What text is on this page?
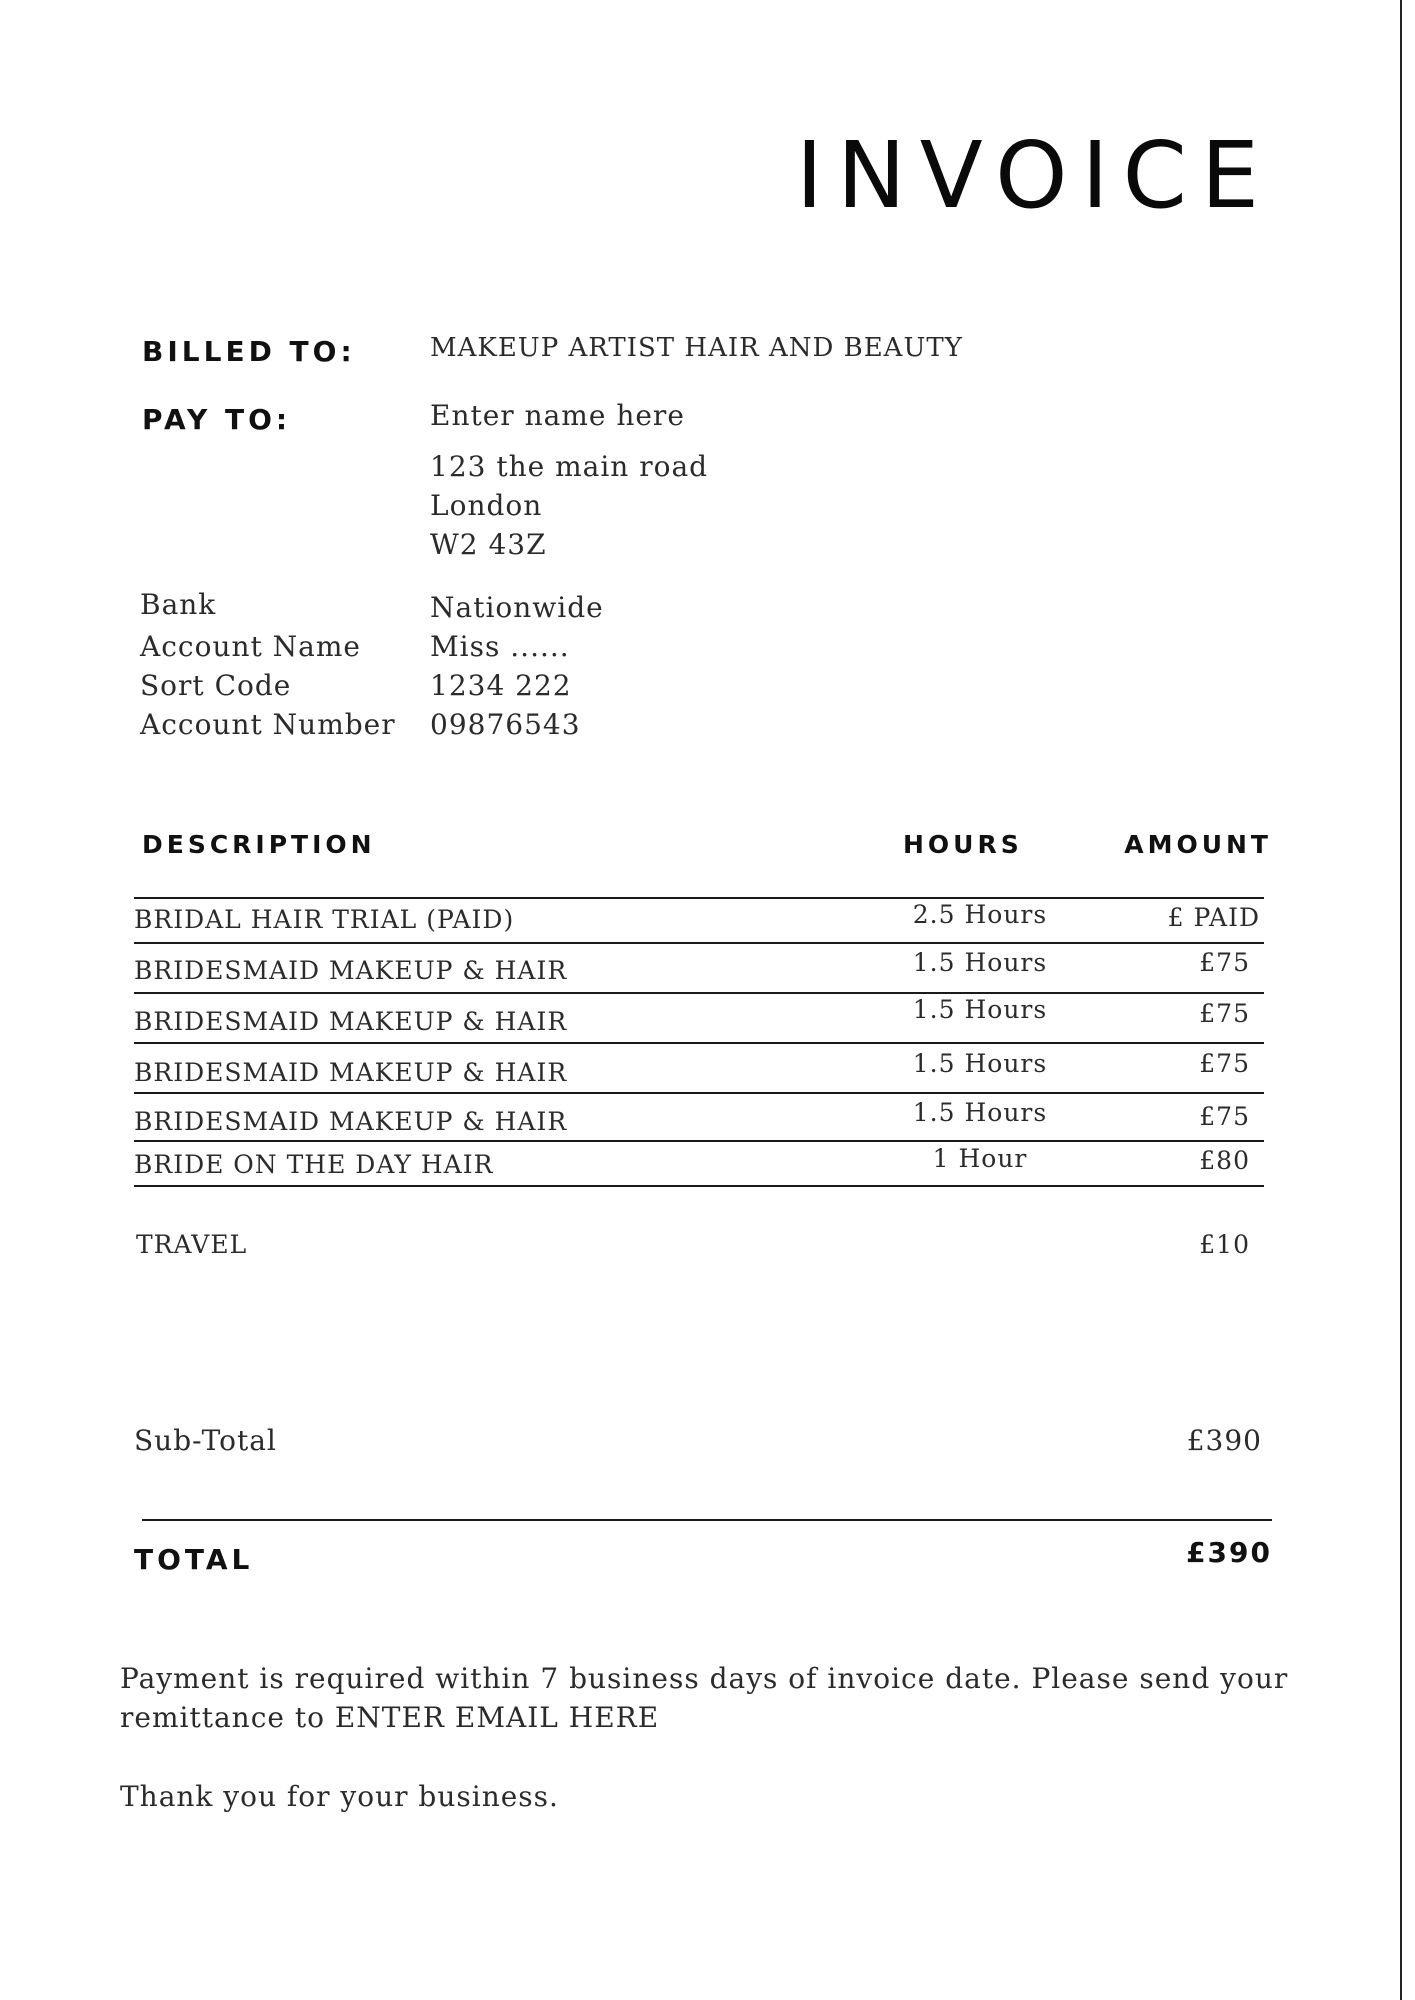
INVOICE
BILLED TO:	MAKEUP ARTIST HAIR AND BEAUTY
PAY TO:	Enter name here
123 the main road
London
W2 43Z
Bank	Nationwide
Account Name Miss ......
Sort Code	1234 222
Account Number 09876543
DESCRIPTION	HOURS	AMOUNT
BRIDAL HAIR TRIAL (PAID)	2.5 Hours	£ PAID
BRIDESMAID MAKEUP & HAIR	1.5 Hours	£75
BRIDESMAID MAKEUP & HAIR	1.5 Hours	£75
BRIDESMAID MAKEUP & HAIR	1.5 Hours	£75
BRIDESMAID MAKEUP & HAIR	1.5 Hours	£75
BRIDE ON THE DAY HAIR	1 Hour	£80
TRAVEL	£10
Sub-Total	£390
TOTAL	£390
Payment is required within 7 business days of invoice date. Please send your remittance to ENTER EMAIL HERE
Thank you for your business.
